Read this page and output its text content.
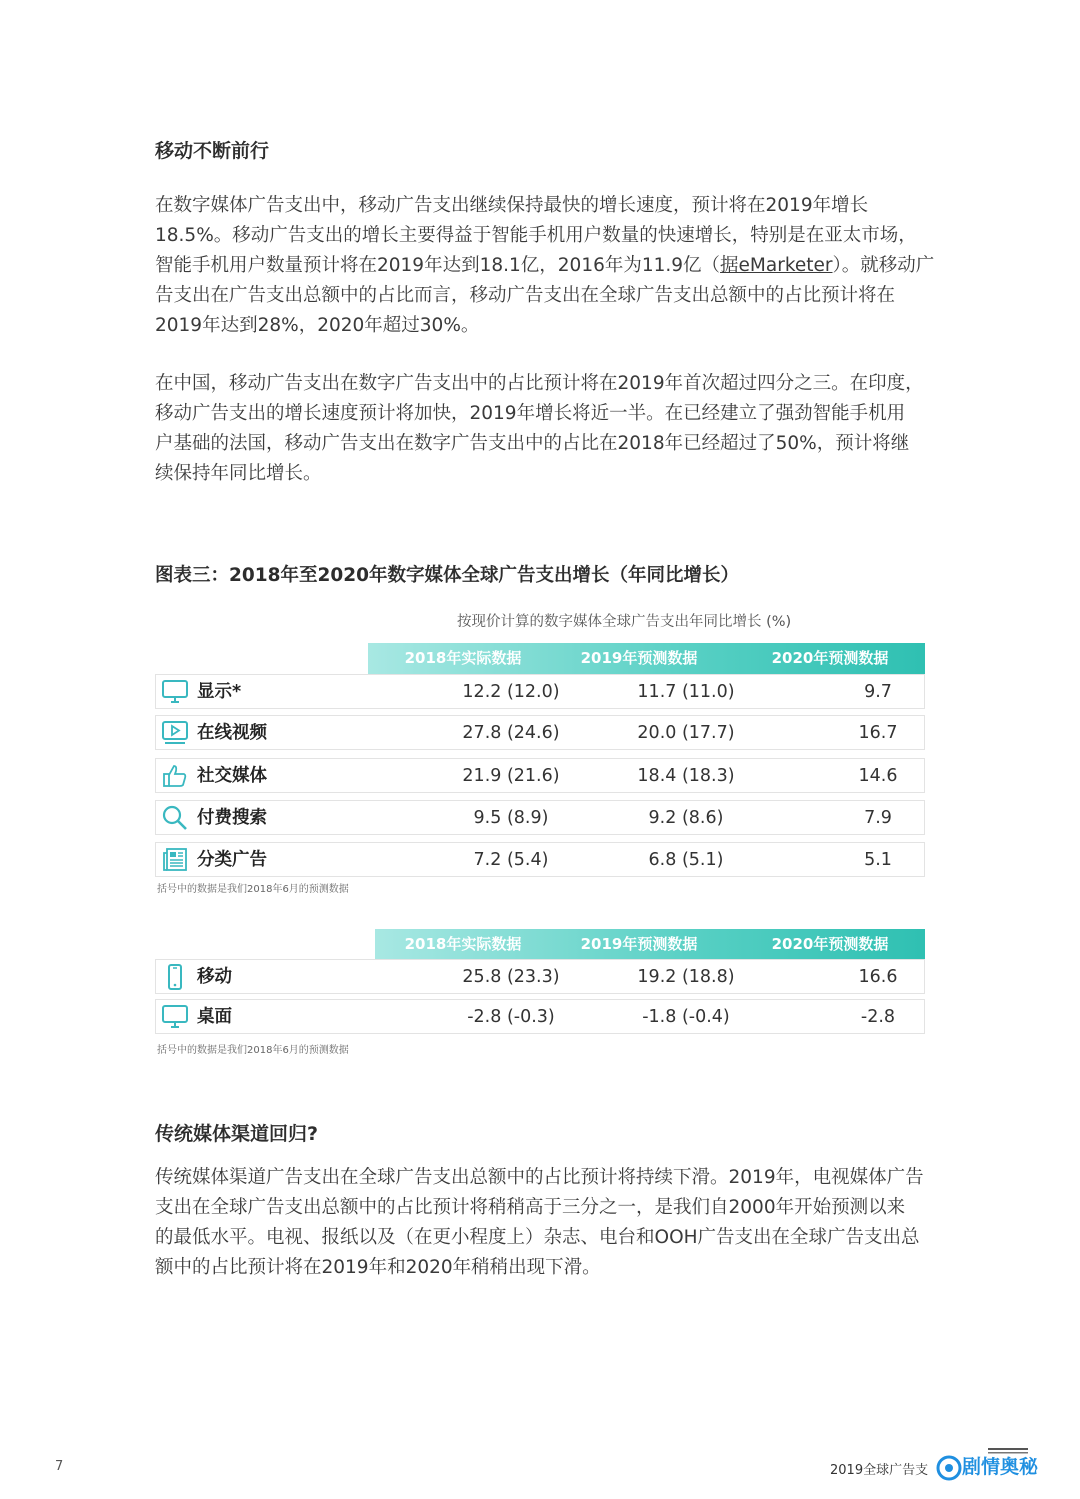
移动不断前行
在数字媒体广告支出中，移动广告支出继续保持最快的增长速度，预计将在2019年增长
18.5%。移动广告支出的增长主要得益于智能手机用户数量的快速增长，特别是在亚太市场，
智能手机用户数量预计将在2019年达到18.1亿，2016年为11.9亿（据eMarketer）。就移动广
告支出在广告支出总额中的占比而言，移动广告支出在全球广告支出总额中的占比预计将在
2019年达到28%，2020年超过30%。
在中国，移动广告支出在数字广告支出中的占比预计将在2019年首次超过四分之三。在印度，
移动广告支出的增长速度预计将加快，2019年增长将近一半。在已经建立了强劲智能手机用
户基础的法国，移动广告支出在数字广告支出中的占比在2018年已经超过了50%，预计将继
续保持年同比增长。
图表三：2018年至2020年数字媒体全球广告支出增长（年同比增长）
按现价计算的数字媒体全球广告支出年同比增长 (%)
2018年实际数据	2019年预测数据	2020年预测数据
显示*	12.2 (12.0)	11.7 (11.0)	9.7
在线视频	27.8 (24.6)	20.0 (17.7)	16.7
社交媒体	21.9 (21.6)	18.4 (18.3)	14.6
付费搜索	9.5 (8.9)	9.2 (8.6)	7.9
分类广告	7.2 (5.4)	6.8 (5.1)	5.1
括号中的数据是我们2018年6月的预测数据
2018年实际数据	2019年预测数据	2020年预测数据
移动	25.8 (23.3)	19.2 (18.8)	16.6
桌面	-2.8 (-0.3)	-1.8 (-0.4)	-2.8
括号中的数据是我们2018年6月的预测数据
传统媒体渠道回归?
传统媒体渠道广告支出在全球广告支出总额中的占比预计将持续下滑。2019年，电视媒体广告
支出在全球广告支出总额中的占比预计将稍稍高于三分之一，是我们自2000年开始预测以来
的最低水平。电视、报纸以及（在更小程度上）杂志、电台和OOH广告支出在全球广告支出总
额中的占比预计将在2019年和2020年稍稍出现下滑。
7	2019全球广告支 剧情奥秘
